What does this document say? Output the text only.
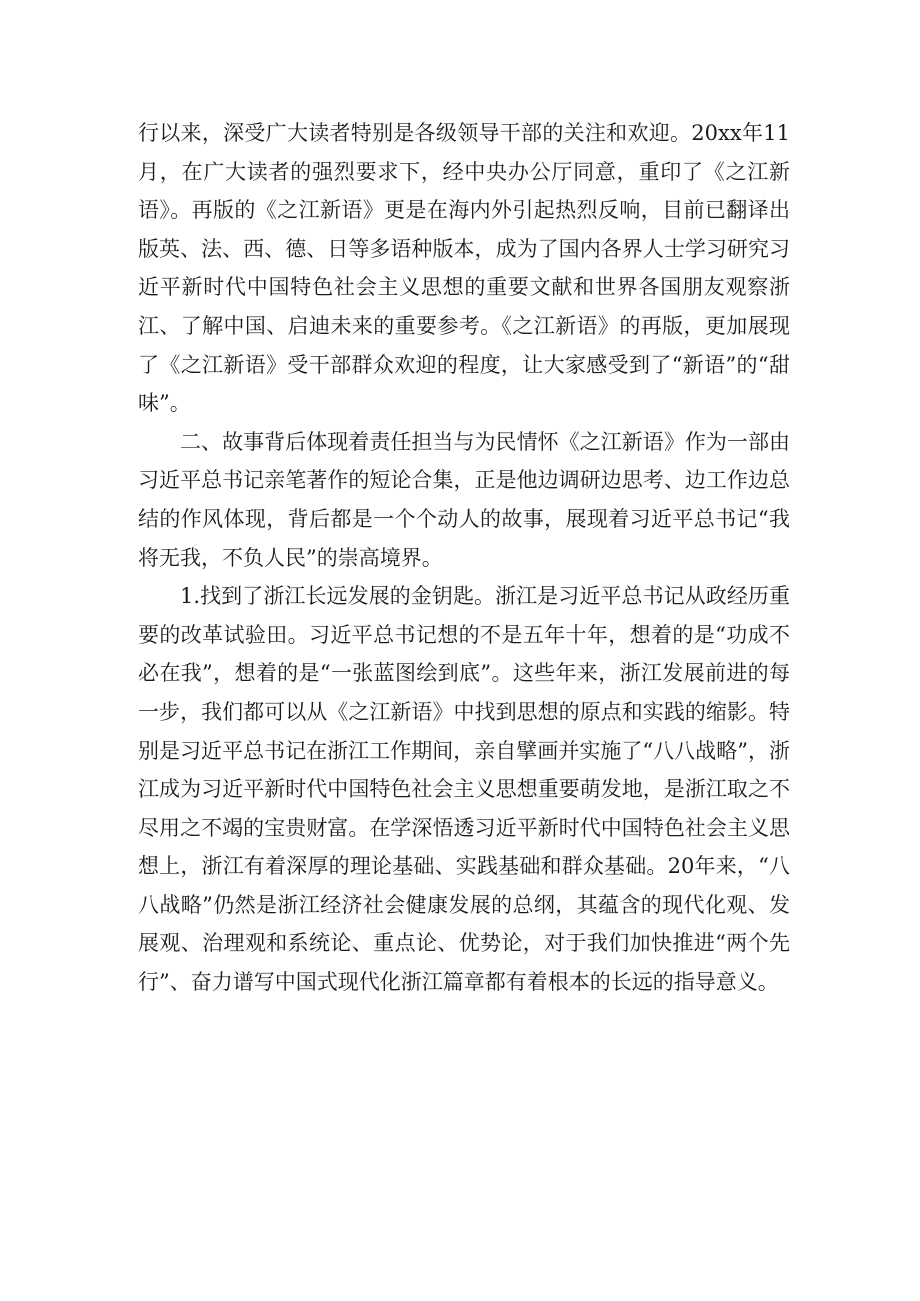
行以来，深受广大读者特别是各级领导干部的关注和欢迎。20xx年11月，在广大读者的强烈要求下，经中央办公厅同意，重印了《之江新语》。再版的《之江新语》更是在海内外引起热烈反响，目前已翻译出版英、法、西、德、日等多语种版本，成为了国内各界人士学习研究习近平新时代中国特色社会主义思想的重要文献和世界各国朋友观察浙江、了解中国、启迪未来的重要参考。《之江新语》的再版，更加展现了《之江新语》受干部群众欢迎的程度，让大家感受到了“新语”的“甜味”。

二、故事背后体现着责任担当与为民情怀《之江新语》作为一部由习近平总书记亲笔著作的短论合集，正是他边调研边思考、边工作边总结的作风体现，背后都是一个个动人的故事，展现着习近平总书记“我将无我，不负人民”的崇高境界。

1.找到了浙江长远发展的金钥匙。浙江是习近平总书记从政经历重要的改革试验田。习近平总书记想的不是五年十年，想着的是“功成不必在我”，想着的是“一张蓝图绘到底”。这些年来，浙江发展前进的每一步，我们都可以从《之江新语》中找到思想的原点和实践的缩影。特别是习近平总书记在浙江工作期间，亲自擘画并实施了“八八战略”，浙江成为习近平新时代中国特色社会主义思想重要萌发地，是浙江取之不尽用之不竭的宝贵财富。在学深悟透习近平新时代中国特色社会主义思想上，浙江有着深厚的理论基础、实践基础和群众基础。20年来，“八八战略”仍然是浙江经济社会健康发展的总纲，其蕴含的现代化观、发展观、治理观和系统论、重点论、优势论，对于我们加快推进“两个先行”、奋力谱写中国式现代化浙江篇章都有着根本的长远的指导意义。
